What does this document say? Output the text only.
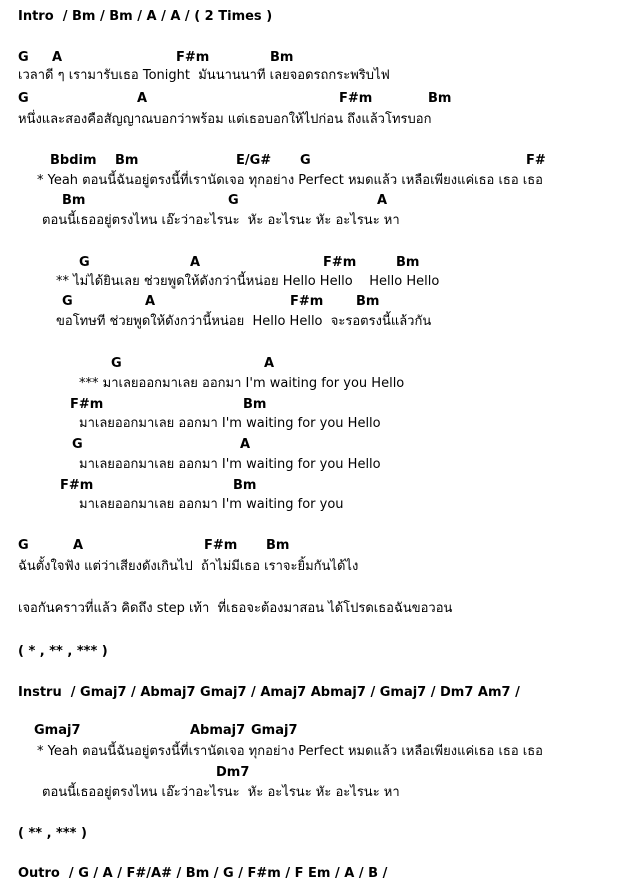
Intro  / Bm / Bm / A / A / ( 2 Times )
G A	F#m	Bm
เวลาดี ๆ เรามารับเธอ Tonight  มันนานนาที เลยจอดรถกระพริบไฟ
G	A	F#m	Bm
หนึ่งและสองคือสัญญาณบอกว่าพร้อม แต่เธอบอกให้ไปก่อน ถึงแล้วโทรบอก
Bbdim Bm	E/G# G	F#
* Yeah ตอนนี้ฉันอยู่ตรงนี้ที่เรานัดเจอ ทุกอย่าง Perfect หมดแล้ว เหลือเพียงแค่เธอ เธอ เธอ
Bm	G	A
ตอนนี้เธออยู่ตรงไหน เอ๊ะว่าอะไรนะ  หัะ อะไรนะ หัะ อะไรนะ หา
G	A	F#m	Bm
** ไม่ได้ยินเลย ช่วยพูดให้ดังกว่านี้หน่อย Hello Hello    Hello Hello
G	A	F#m	Bm
ขอโทษที ช่วยพูดให้ดังกว่านี้หน่อย  Hello Hello  จะรอตรงนี้แล้วกัน
G	A
*** มาเลยออกมาเลย ออกมา I'm waiting for you Hello
F#m	Bm
มาเลยออกมาเลย ออกมา I'm waiting for you Hello
G	A
มาเลยออกมาเลย ออกมา I'm waiting for you Hello
F#m	Bm
มาเลยออกมาเลย ออกมา I'm waiting for you
G	A	F#m Bm
ฉันตั้งใจฟัง แต่ว่าเสียงดังเกินไป  ถ้าไม่มีเธอ เราจะยิ้มกันได้ไง
เจอกันคราวที่แล้ว คิดถึง step เท้า  ที่เธอจะต้องมาสอน ได้โปรดเธอฉันขอวอน
( * , ** , *** )
Instru  / Gmaj7 / Abmaj7 Gmaj7 / Amaj7 Abmaj7 / Gmaj7 / Dm7 Am7 /
Gmaj7	Abmaj7 Gmaj7
* Yeah ตอนนี้ฉันอยู่ตรงนี้ที่เรานัดเจอ ทุกอย่าง Perfect หมดแล้ว เหลือเพียงแค่เธอ เธอ เธอ
Dm7
ตอนนี้เธออยู่ตรงไหน เอ๊ะว่าอะไรนะ  หัะ อะไรนะ หัะ อะไรนะ หา
( ** , *** )
Outro  / G / A / F#/A# / Bm / G / F#m / F Em / A / B /
